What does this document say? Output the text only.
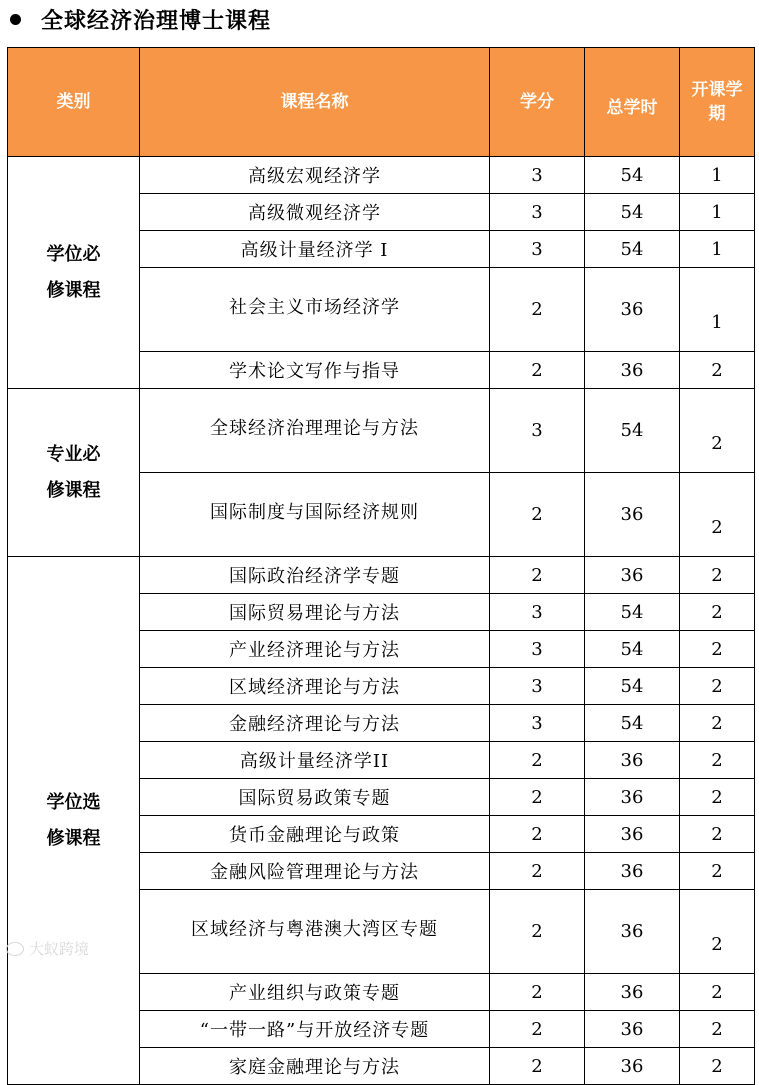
全球经济治理博士课程
类别	课程名称	学分	总学时	开课学
期
学位必
修课程	高级宏观经济学	3	54	1
	高级微观经济学	3	54	1
	高级计量经济学 I	3	54	1
	社会主义市场经济学	2	36	1
	学术论文写作与指导	2	36	2
专业必
修课程	全球经济治理理论与方法	3	54	2
	国际制度与国际经济规则	2	36	2
学位选
修课程	国际政治经济学专题	2	36	2
	国际贸易理论与方法	3	54	2
	产业经济理论与方法	3	54	2
	区域经济理论与方法	3	54	2
	金融经济理论与方法	3	54	2
	高级计量经济学II	2	36	2
	国际贸易政策专题	2	36	2
	货币金融理论与政策	2	36	2
	金融风险管理理论与方法	2	36	2
	区域经济与粤港澳大湾区专题	2	36	2
	产业组织与政策专题	2	36	2
	“一带一路”与开放经济专题	2	36	2
	家庭金融理论与方法	2	36	2
大蚁跨境
